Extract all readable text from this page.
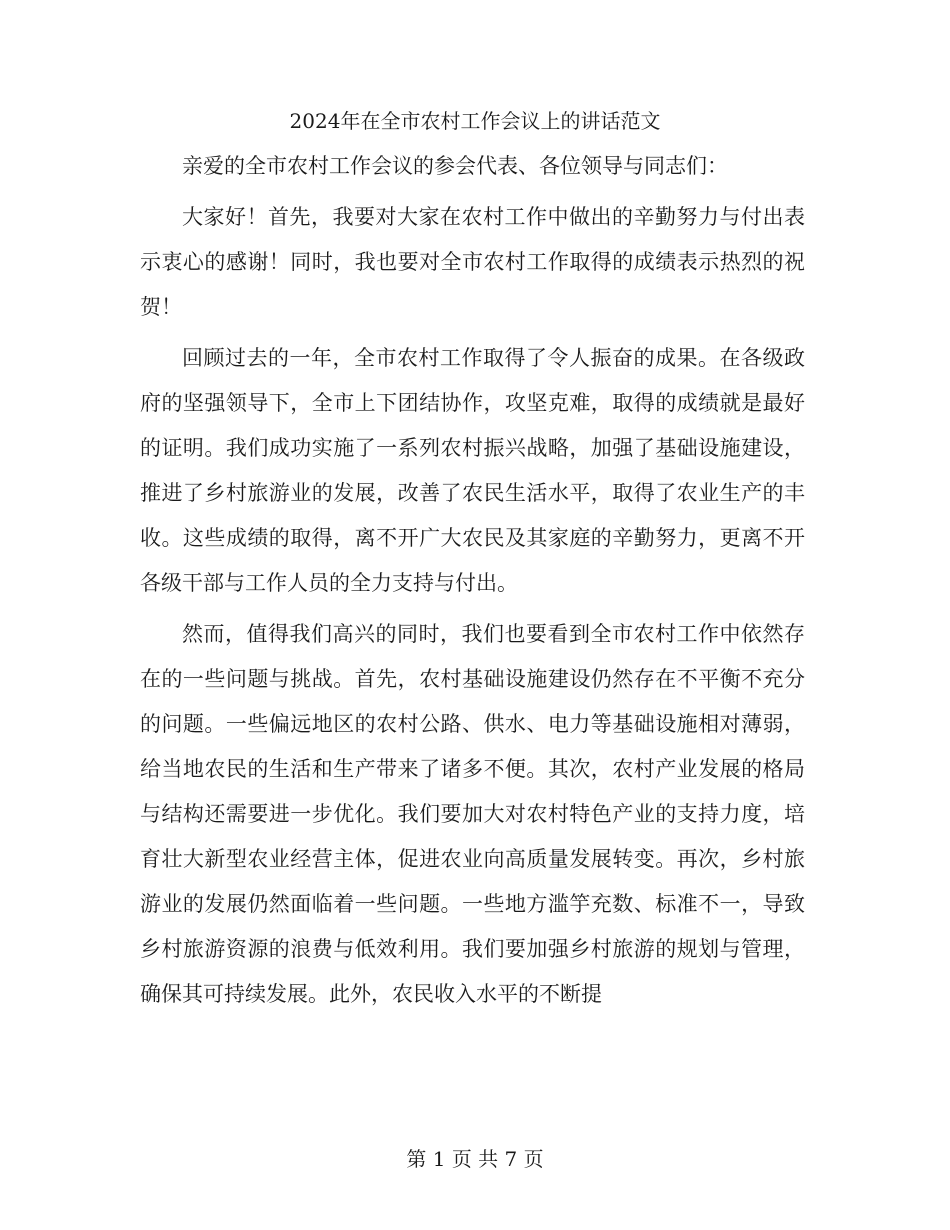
2024年在全市农村工作会议上的讲话范文

亲爱的全市农村工作会议的参会代表、各位领导与同志们：

大家好！首先，我要对大家在农村工作中做出的辛勤努力与付出表示衷心的感谢！同时，我也要对全市农村工作取得的成绩表示热烈的祝贺！

回顾过去的一年，全市农村工作取得了令人振奋的成果。在各级政府的坚强领导下，全市上下团结协作，攻坚克难，取得的成绩就是最好的证明。我们成功实施了一系列农村振兴战略，加强了基础设施建设，推进了乡村旅游业的发展，改善了农民生活水平，取得了农业生产的丰收。这些成绩的取得，离不开广大农民及其家庭的辛勤努力，更离不开各级干部与工作人员的全力支持与付出。

然而，值得我们高兴的同时，我们也要看到全市农村工作中依然存在的一些问题与挑战。首先，农村基础设施建设仍然存在不平衡不充分的问题。一些偏远地区的农村公路、供水、电力等基础设施相对薄弱，给当地农民的生活和生产带来了诸多不便。其次，农村产业发展的格局与结构还需要进一步优化。我们要加大对农村特色产业的支持力度，培育壮大新型农业经营主体，促进农业向高质量发展转变。再次，乡村旅游业的发展仍然面临着一些问题。一些地方滥竽充数、标准不一，导致乡村旅游资源的浪费与低效利用。我们要加强乡村旅游的规划与管理，确保其可持续发展。此外，农民收入水平的不断提

第 1 页 共 7 页
